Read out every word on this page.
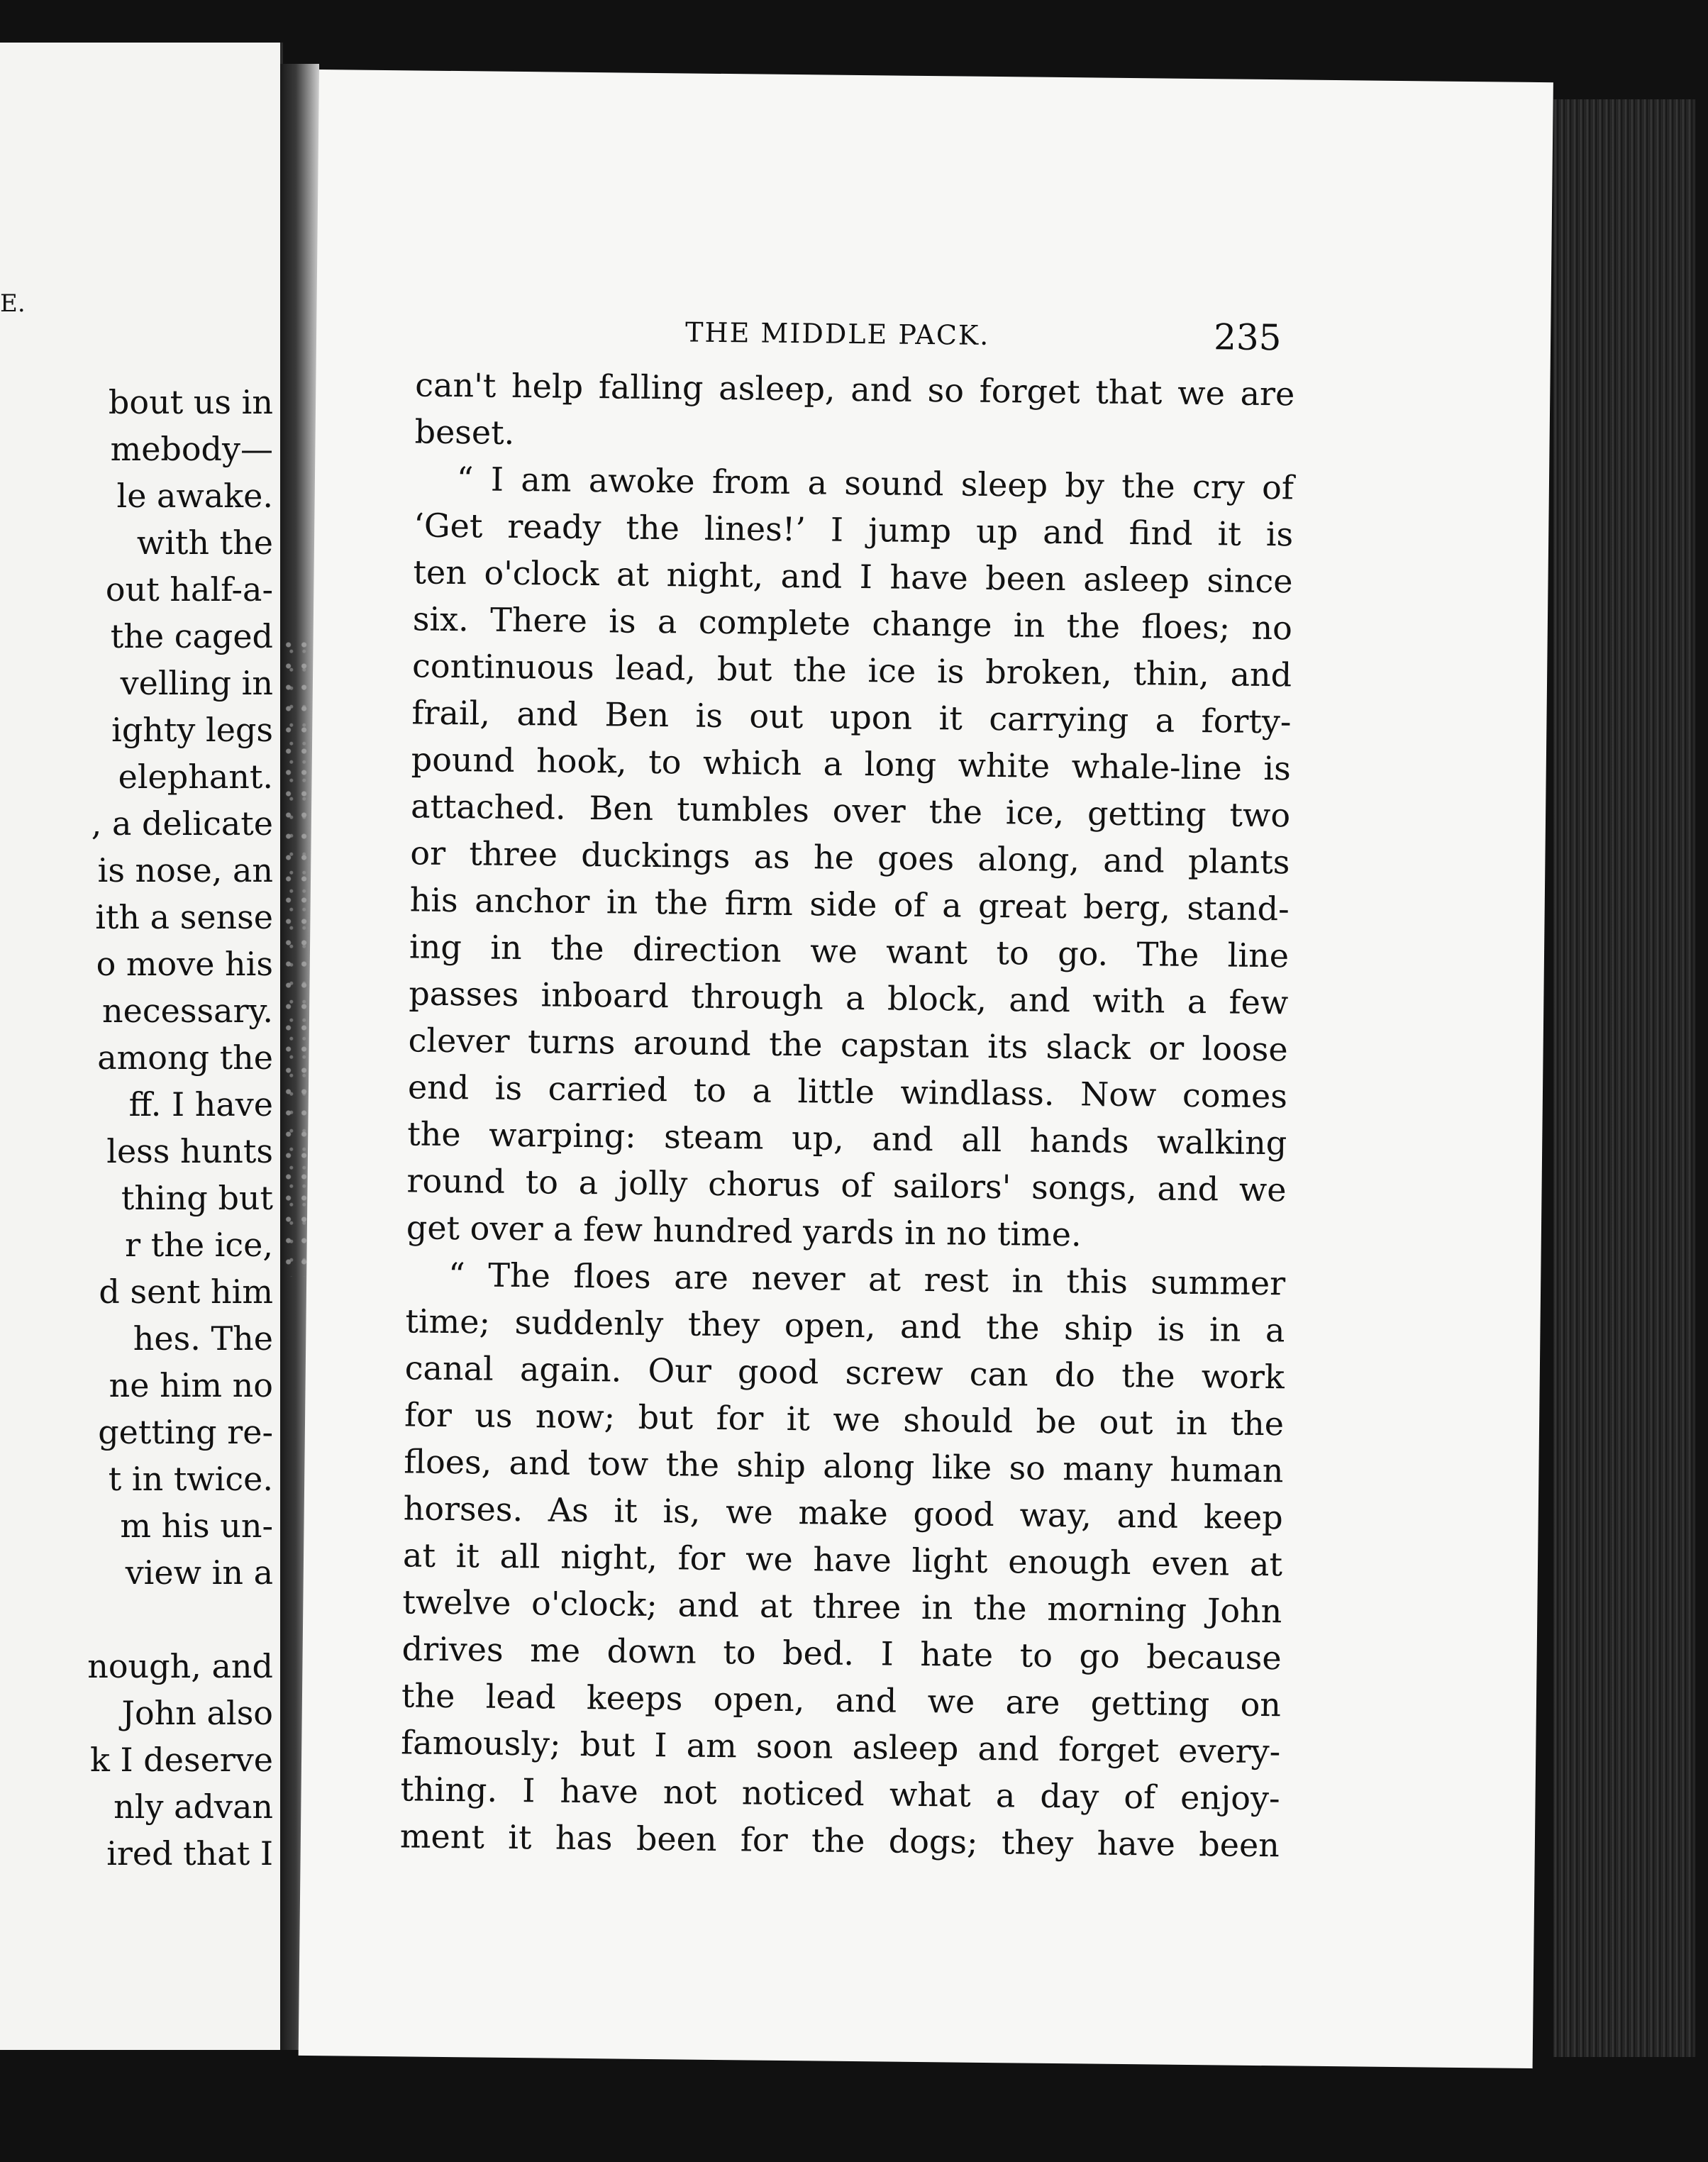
E.
bout us in
mebody—
le awake.
with the
out half-a-
the caged
velling in
ighty legs
elephant.
, a delicate
is nose, an
ith a sense
o move his
necessary.
among the
ff. I have
less hunts
thing but
r the ice,
d sent him
hes. The
ne him no
getting re-
t in twice.
m his un-
view in a
nough, and
John also
k I deserve
nly advan
ired that I
THE MIDDLE PACK.	235
can't help falling asleep, and so forget that we are
beset.
“ I am awoke from a sound sleep by the cry of
‘Get ready the lines!’ I jump up and find it is
ten o'clock at night, and I have been asleep since
six. There is a complete change in the floes; no
continuous lead, but the ice is broken, thin, and
frail, and Ben is out upon it carrying a forty-
pound hook, to which a long white whale-line is
attached. Ben tumbles over the ice, getting two
or three duckings as he goes along, and plants
his anchor in the firm side of a great berg, stand-
ing in the direction we want to go. The line
passes inboard through a block, and with a few
clever turns around the capstan its slack or loose
end is carried to a little windlass. Now comes
the warping: steam up, and all hands walking
round to a jolly chorus of sailors' songs, and we
get over a few hundred yards in no time.
“ The floes are never at rest in this summer
time; suddenly they open, and the ship is in a
canal again. Our good screw can do the work
for us now; but for it we should be out in the
floes, and tow the ship along like so many human
horses. As it is, we make good way, and keep
at it all night, for we have light enough even at
twelve o'clock; and at three in the morning John
drives me down to bed. I hate to go because
the lead keeps open, and we are getting on
famously; but I am soon asleep and forget every-
thing. I have not noticed what a day of enjoy-
ment it has been for the dogs; they have been
